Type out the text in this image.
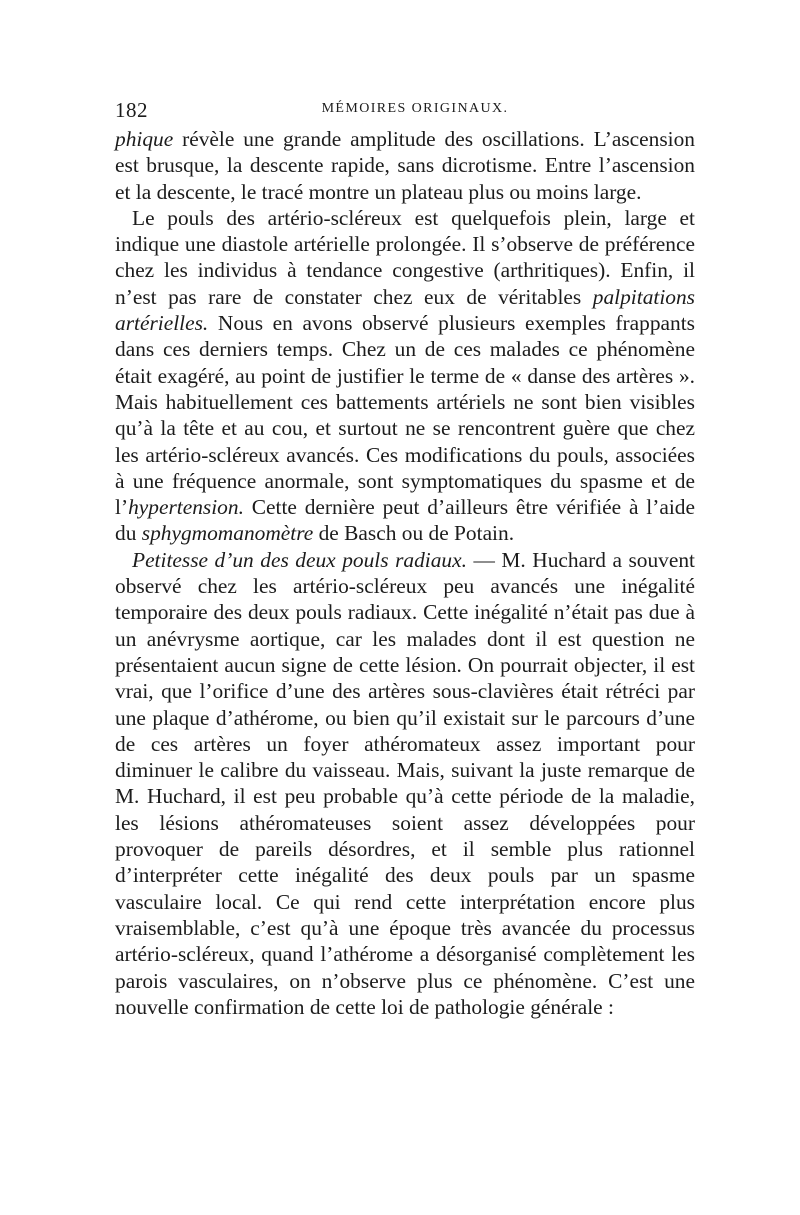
182	MÉMOIRES ORIGINAUX.

phique révèle une grande amplitude des oscillations. L’ascension est brusque, la descente rapide, sans dicrotisme. Entre l’ascension et la descente, le tracé montre un plateau plus ou moins large.

Le pouls des artério-scléreux est quelquefois plein, large et indique une diastole artérielle prolongée. Il s’observe de préférence chez les individus à tendance congestive (arthritiques). Enfin, il n’est pas rare de constater chez eux de véritables palpitations artérielles. Nous en avons observé plusieurs exemples frappants dans ces derniers temps. Chez un de ces malades ce phénomène était exagéré, au point de justifier le terme de « danse des artères ». Mais habituellement ces battements artériels ne sont bien visibles qu’à la tête et au cou, et surtout ne se rencontrent guère que chez les artério-scléreux avancés. Ces modifications du pouls, associées à une fréquence anormale, sont symptomatiques du spasme et de l’hypertension. Cette dernière peut d’ailleurs être vérifiée à l’aide du sphygmomanomètre de Basch ou de Potain.

Petitesse d’un des deux pouls radiaux. — M. Huchard a souvent observé chez les artério-scléreux peu avancés une inégalité temporaire des deux pouls radiaux. Cette inégalité n’était pas due à un anévrysme aortique, car les malades dont il est question ne présentaient aucun signe de cette lésion. On pourrait objecter, il est vrai, que l’orifice d’une des artères sous-clavières était rétréci par une plaque d’athérome, ou bien qu’il existait sur le parcours d’une de ces artères un foyer athéromateux assez important pour diminuer le calibre du vaisseau. Mais, suivant la juste remarque de M. Huchard, il est peu probable qu’à cette période de la maladie, les lésions athéromateuses soient assez développées pour provoquer de pareils désordres, et il semble plus rationnel d’interpréter cette inégalité des deux pouls par un spasme vasculaire local. Ce qui rend cette interprétation encore plus vraisemblable, c’est qu’à une époque très avancée du processus artério-scléreux, quand l’athérome a désorganisé complètement les parois vasculaires, on n’observe plus ce phénomène. C’est une nouvelle confirmation de cette loi de pathologie générale :
